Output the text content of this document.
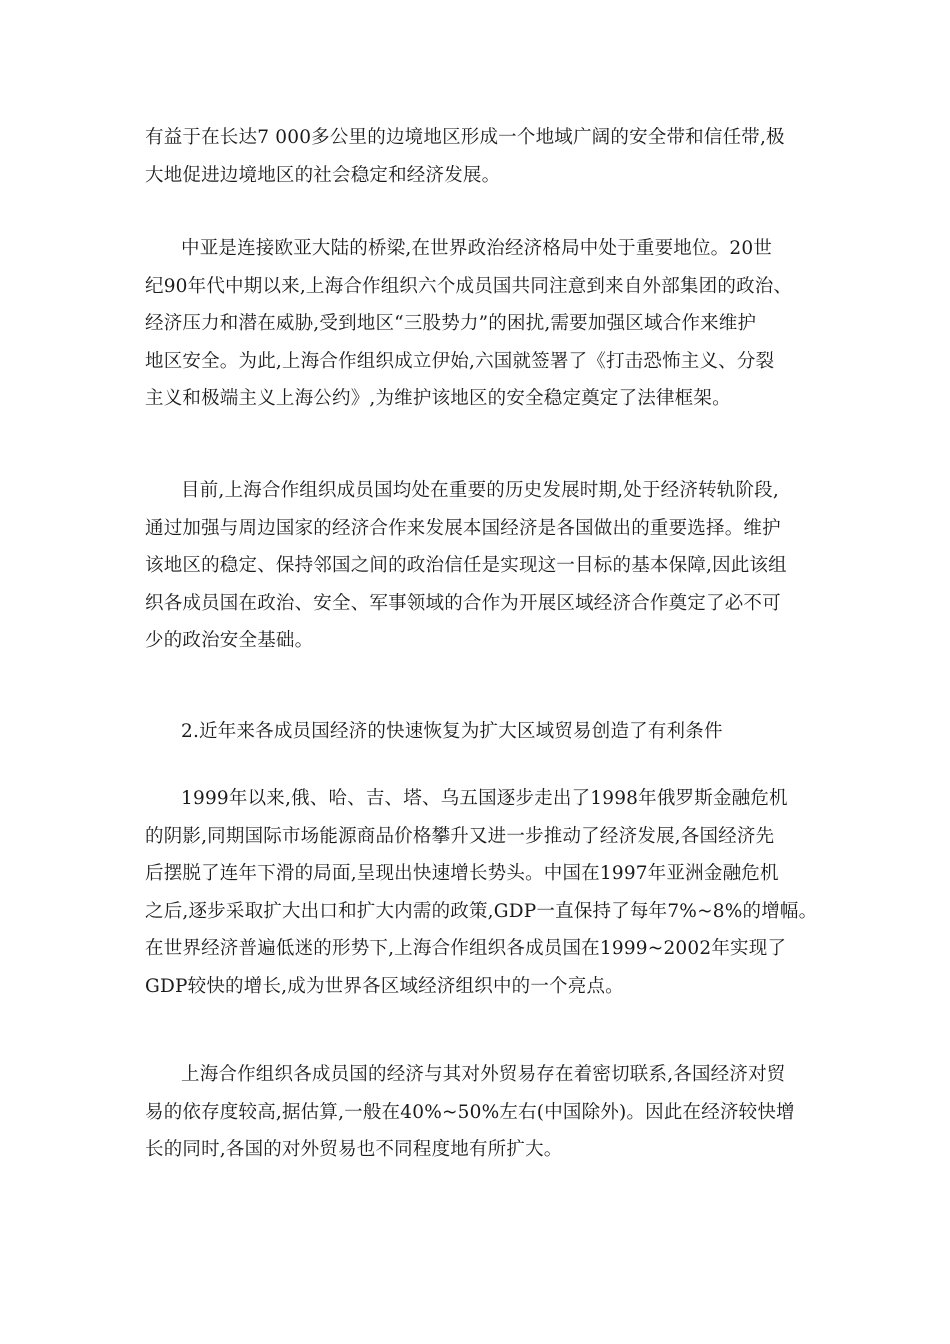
有益于在长达7 000多公里的边境地区形成一个地域广阔的安全带和信任带,极
大地促进边境地区的社会稳定和经济发展。
中亚是连接欧亚大陆的桥梁,在世界政治经济格局中处于重要地位。20世
纪90年代中期以来,上海合作组织六个成员国共同注意到来自外部集团的政治、
经济压力和潜在威胁,受到地区“三股势力”的困扰,需要加强区域合作来维护
地区安全。为此,上海合作组织成立伊始,六国就签署了《打击恐怖主义、分裂
主义和极端主义上海公约》,为维护该地区的安全稳定奠定了法律框架。
目前,上海合作组织成员国均处在重要的历史发展时期,处于经济转轨阶段,
通过加强与周边国家的经济合作来发展本国经济是各国做出的重要选择。维护
该地区的稳定、保持邻国之间的政治信任是实现这一目标的基本保障,因此该组
织各成员国在政治、安全、军事领域的合作为开展区域经济合作奠定了必不可
少的政治安全基础。
2.近年来各成员国经济的快速恢复为扩大区域贸易创造了有利条件
1999年以来,俄、哈、吉、塔、乌五国逐步走出了1998年俄罗斯金融危机
的阴影,同期国际市场能源商品价格攀升又进一步推动了经济发展,各国经济先
后摆脱了连年下滑的局面,呈现出快速增长势头。中国在1997年亚洲金融危机
之后,逐步采取扩大出口和扩大内需的政策,GDP一直保持了每年7%~8%的增幅。
在世界经济普遍低迷的形势下,上海合作组织各成员国在1999~2002年实现了
GDP较快的增长,成为世界各区域经济组织中的一个亮点。
上海合作组织各成员国的经济与其对外贸易存在着密切联系,各国经济对贸
易的依存度较高,据估算,一般在40%~50%左右(中国除外)。因此在经济较快增
长的同时,各国的对外贸易也不同程度地有所扩大。
